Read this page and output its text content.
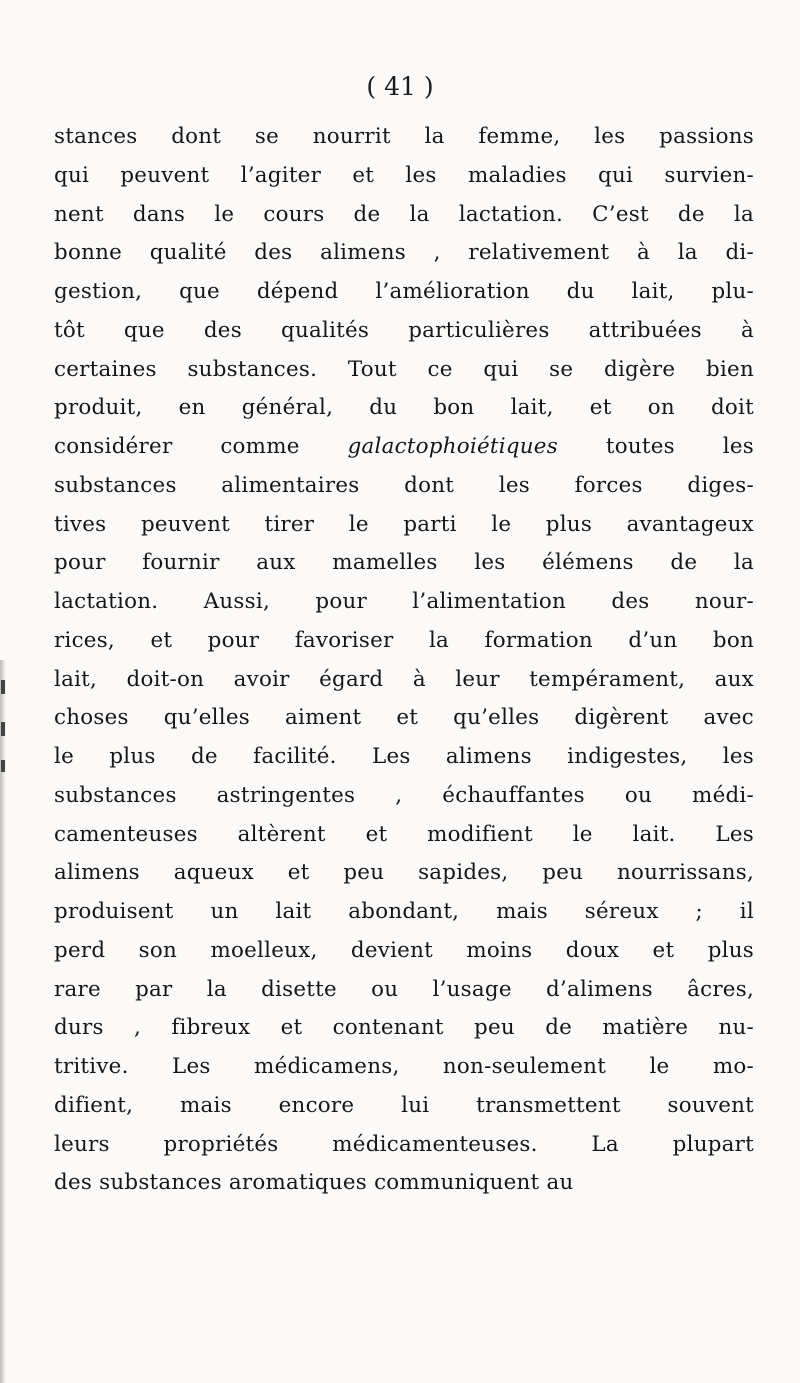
( 41 )
stances dont se nourrit la femme, les passions
qui peuvent l’agiter et les maladies qui survien-
nent dans le cours de la lactation. C’est de la
bonne qualité des alimens , relativement à la di-
gestion, que dépend l’amélioration du lait, plu-
tôt que des qualités particulières attribuées à
certaines substances. Tout ce qui se digère bien
produit, en général, du bon lait, et on doit
considérer comme galactophoiétiques toutes les
substances alimentaires dont les forces diges-
tives peuvent tirer le parti le plus avantageux
pour fournir aux mamelles les élémens de la
lactation. Aussi, pour l’alimentation des nour-
rices, et pour favoriser la formation d’un bon
lait, doit-on avoir égard à leur tempérament, aux
choses qu’elles aiment et qu’elles digèrent avec
le plus de facilité. Les alimens indigestes, les
substances astringentes , échauffantes ou médi-
camenteuses altèrent et modifient le lait. Les
alimens aqueux et peu sapides, peu nourrissans,
produisent un lait abondant, mais séreux ; il
perd son moelleux, devient moins doux et plus
rare par la disette ou l’usage d’alimens âcres,
durs , fibreux et contenant peu de matière nu-
tritive. Les médicamens, non-seulement le mo-
difient, mais encore lui transmettent souvent
leurs propriétés médicamenteuses. La plupart
des substances aromatiques communiquent au
